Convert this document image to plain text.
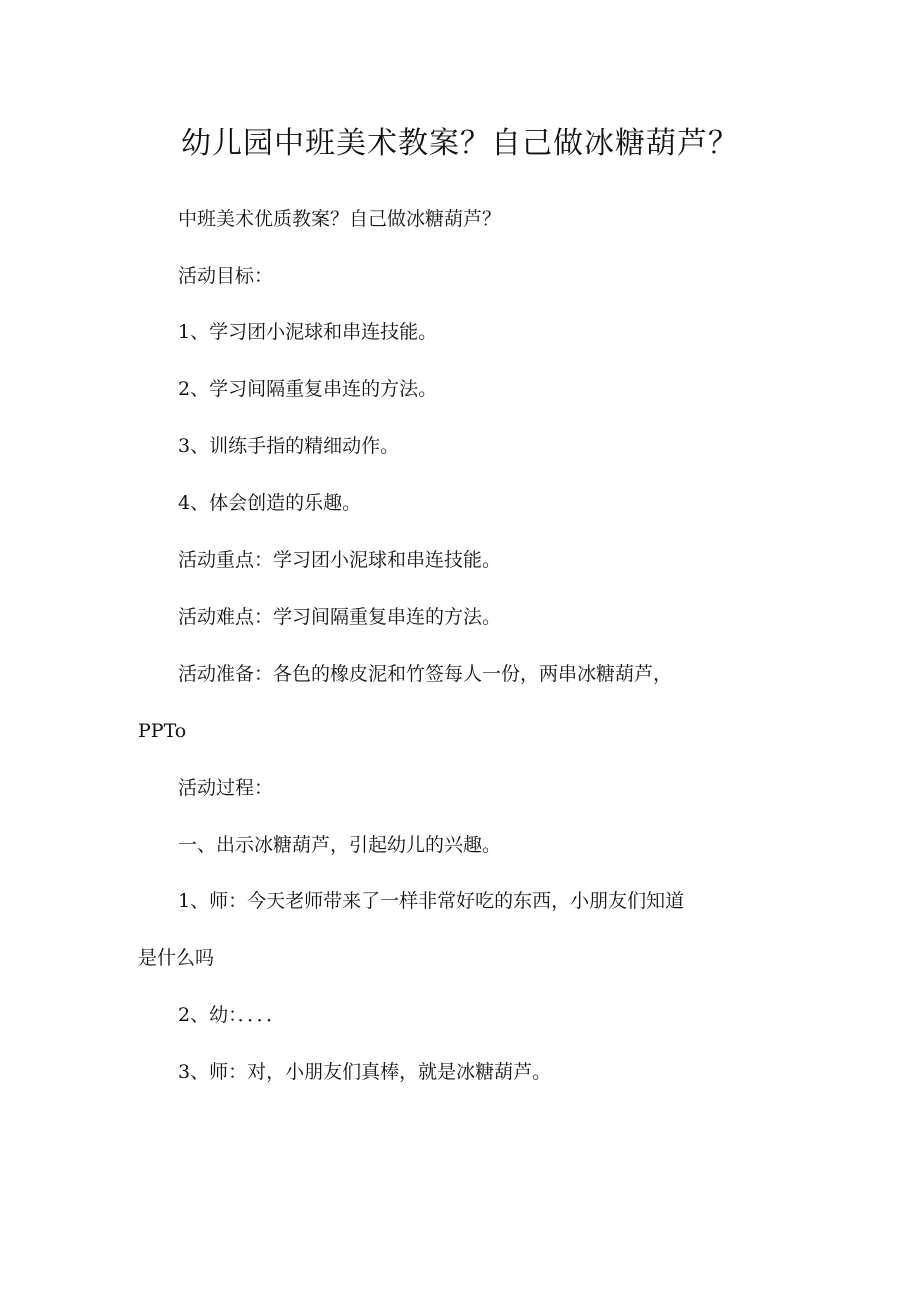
幼儿园中班美术教案？自己做冰糖葫芦？
中班美术优质教案？自己做冰糖葫芦？
活动目标：
1、学习团小泥球和串连技能。
2、学习间隔重复串连的方法。
3、训练手指的精细动作。
4、体会创造的乐趣。
活动重点：学习团小泥球和串连技能。
活动难点：学习间隔重复串连的方法。
活动准备：各色的橡皮泥和竹签每人一份，两串冰糖葫芦，
PPTo
活动过程：
一、出示冰糖葫芦，引起幼儿的兴趣。
1、师：今天老师带来了一样非常好吃的东西，小朋友们知道
是什么吗
2、幼：．．．．
3、师：对，小朋友们真棒，就是冰糖葫芦。
